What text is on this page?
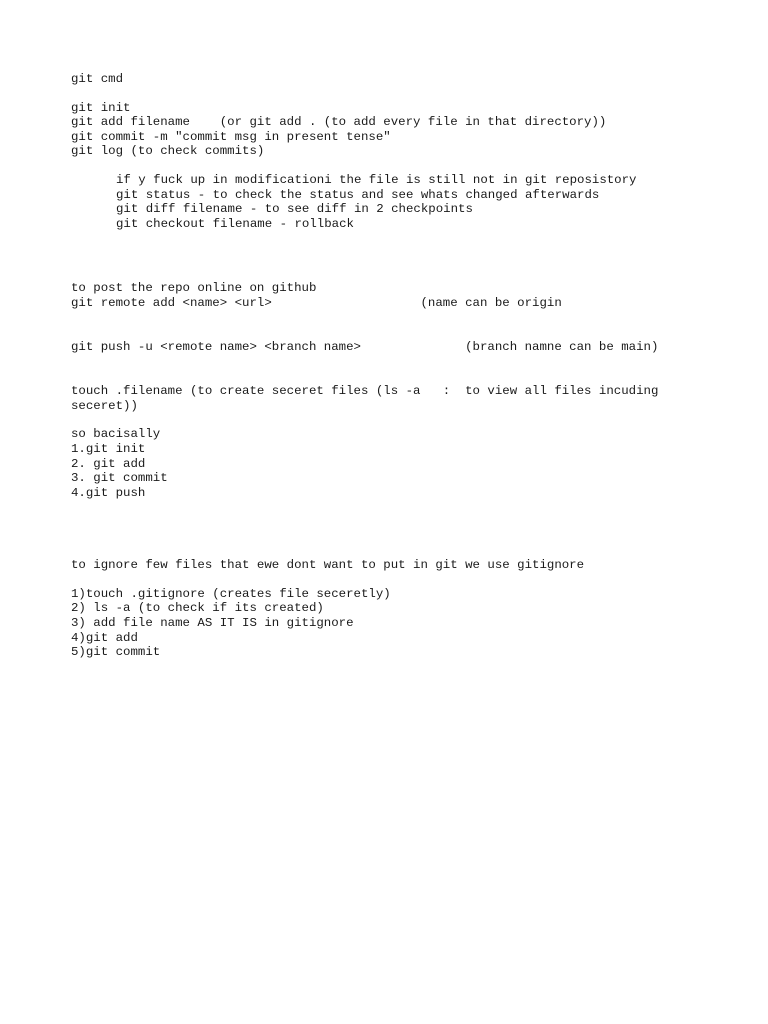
git cmd
git init
git add filename    (or git add . (to add every file in that directory))
git commit -m "commit msg in present tense"
git log (to check commits)
if y fuck up in modificationi the file is still not in git reposistory
git status - to check the status and see whats changed afterwards
git diff filename - to see diff in 2 checkpoints
git checkout filename - rollback
to post the repo online on github
git remote add <name> <url>                    (name can be origin
git push -u <remote name> <branch name>              (branch namne can be main)
touch .filename (to create seceret files (ls -a   :  to view all files incuding
seceret))
so bacisally
1.git init
2. git add
3. git commit
4.git push
to ignore few files that ewe dont want to put in git we use gitignore
1)touch .gitignore (creates file seceretly)
2) ls -a (to check if its created)
3) add file name AS IT IS in gitignore
4)git add
5)git commit
